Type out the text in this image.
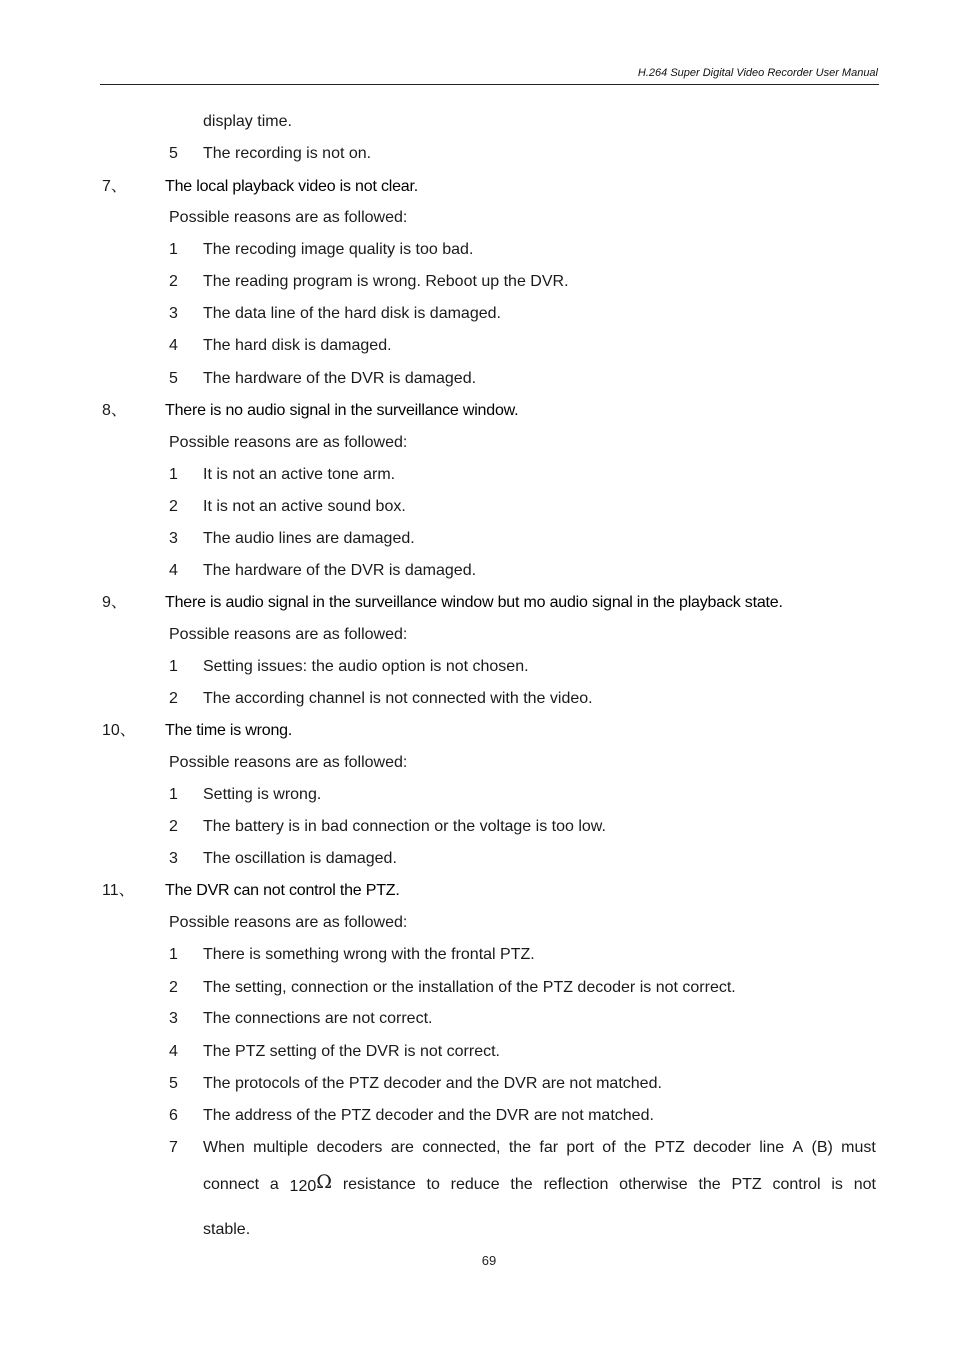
H.264 Super Digital Video Recorder User Manual
display time.
5 The recording is not on.
7、 The local playback video is not clear.
Possible reasons are as followed:
1 The recoding image quality is too bad.
2 The reading program is wrong. Reboot up the DVR.
3 The data line of the hard disk is damaged.
4 The hard disk is damaged.
5 The hardware of the DVR is damaged.
8、 There is no audio signal in the surveillance window.
Possible reasons are as followed:
1 It is not an active tone arm.
2 It is not an active sound box.
3 The audio lines are damaged.
4 The hardware of the DVR is damaged.
9、 There is audio signal in the surveillance window but mo audio signal in the playback state.
Possible reasons are as followed:
1 Setting issues: the audio option is not chosen.
2 The according channel is not connected with the video.
10、 The time is wrong.
Possible reasons are as followed:
1 Setting is wrong.
2 The battery is in bad connection or the voltage is too low.
3 The oscillation is damaged.
11、 The DVR can not control the PTZ.
Possible reasons are as followed:
1 There is something wrong with the frontal PTZ.
2 The setting, connection or the installation of the PTZ decoder is not correct.
3 The connections are not correct.
4 The PTZ setting of the DVR is not correct.
5 The protocols of the PTZ decoder and the DVR are not matched.
6 The address of the PTZ decoder and the DVR are not matched.
7 When multiple decoders are connected, the far port of the PTZ decoder line A (B) must
connect a 120Ω resistance to reduce the reflection otherwise the PTZ control is not
stable.
69
